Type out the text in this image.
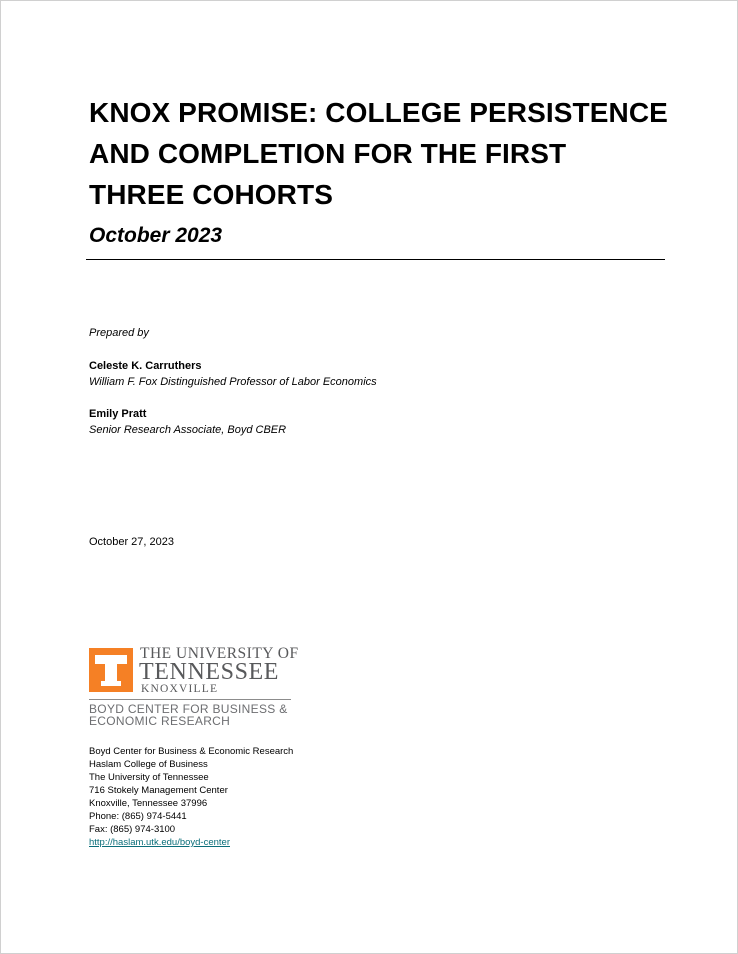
KNOX PROMISE: COLLEGE PERSISTENCE
AND COMPLETION FOR THE FIRST
THREE COHORTS
October 2023
Prepared by
Celeste K. Carruthers
William F. Fox Distinguished Professor of Labor Economics
Emily Pratt
Senior Research Associate, Boyd CBER
October 27, 2023
THE UNIVERSITY OF
TENNESSEE
KNOXVILLE
BOYD CENTER FOR BUSINESS &
ECONOMIC RESEARCH
Boyd Center for Business & Economic Research
Haslam College of Business
The University of Tennessee
716 Stokely Management Center
Knoxville, Tennessee 37996
Phone: (865) 974-5441
Fax: (865) 974-3100
http://haslam.utk.edu/boyd-center
